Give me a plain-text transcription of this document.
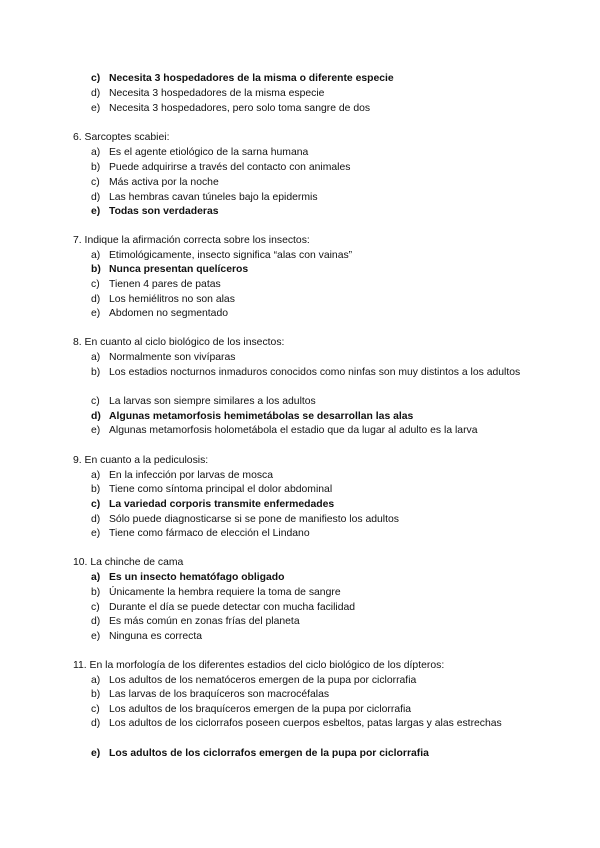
c) Necesita 3 hospedadores de la misma o diferente especie
d) Necesita 3 hospedadores de la misma especie
e) Necesita 3 hospedadores, pero solo toma sangre de dos
6. Sarcoptes scabiei:
a) Es el agente etiológico de la sarna humana
b) Puede adquirirse a través del contacto con animales
c) Más activa por la noche
d) Las hembras cavan túneles bajo la epidermis
e) Todas son verdaderas
7. Indique la afirmación correcta sobre los insectos:
a) Etimológicamente, insecto significa “alas con vainas”
b) Nunca presentan quelíceros
c) Tienen 4 pares de patas
d) Los hemiélitros no son alas
e) Abdomen no segmentado
8. En cuanto al ciclo biológico de los insectos:
a) Normalmente son vivíparas
b) Los estadios nocturnos inmaduros conocidos como ninfas son muy distintos a los adultos
c) La larvas son siempre similares a los adultos
d) Algunas metamorfosis hemimetábolas se desarrollan las alas
e) Algunas metamorfosis holometábola el estadio que da lugar al adulto es la larva
9. En cuanto a la pediculosis:
a) En la infección por larvas de mosca
b) Tiene como síntoma principal el dolor abdominal
c) La variedad corporis transmite enfermedades
d) Sólo puede diagnosticarse si se pone de manifiesto los adultos
e) Tiene como fármaco de elección el Lindano
10. La chinche de cama
a) Es un insecto hematófago obligado
b) Únicamente la hembra requiere la toma de sangre
c) Durante el día se puede detectar con mucha facilidad
d) Es más común en zonas frías del planeta
e) Ninguna es correcta
11. En la morfología de los diferentes estadios del ciclo biológico de los dípteros:
a) Los adultos de los nematóceros emergen de la pupa por ciclorrafia
b) Las larvas de los braquíceros son macrocéfalas
c) Los adultos de los braquíceros emergen de la pupa por ciclorrafia
d) Los adultos de los ciclorrafos poseen cuerpos esbeltos, patas largas y alas estrechas
e) Los adultos de los ciclorrafos emergen de la pupa por ciclorrafia
